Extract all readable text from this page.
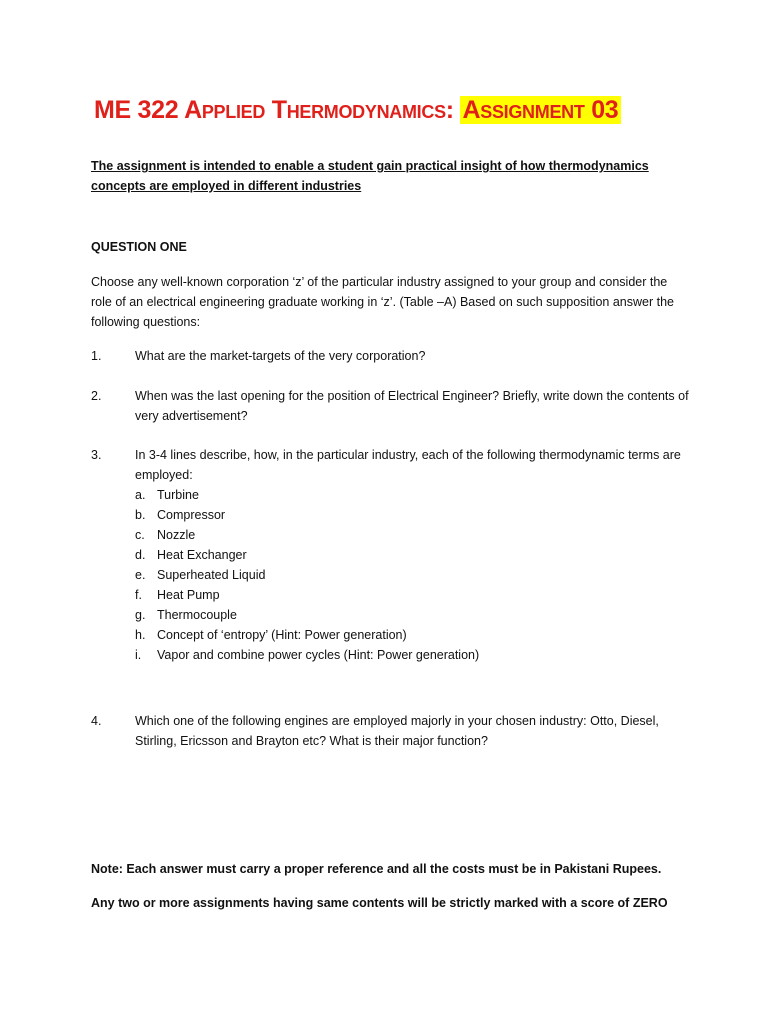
ME 322 APPLIED THERMODYNAMICS: ASSIGNMENT 03
The assignment is intended to enable a student gain practical insight of how thermodynamics concepts are employed in different industries
QUESTION ONE
Choose any well-known corporation ‘z’ of the particular industry assigned to your group and consider the role of an electrical engineering graduate working in ‘z’. (Table –A) Based on such supposition answer the following questions:
1.	What are the market-targets of the very corporation?
2.	When was the last opening for the position of Electrical Engineer? Briefly, write down the contents of very advertisement?
3.	In 3-4 lines describe, how, in the particular industry, each of the following thermodynamic terms are employed:
a. Turbine
b. Compressor
c. Nozzle
d. Heat Exchanger
e. Superheated Liquid
f. Heat Pump
g. Thermocouple
h. Concept of ‘entropy’ (Hint: Power generation)
i. Vapor and combine power cycles (Hint: Power generation)
4.	Which one of the following engines are employed majorly in your chosen industry: Otto, Diesel, Stirling, Ericsson and Brayton etc? What is their major function?
Note: Each answer must carry a proper reference and all the costs must be in Pakistani Rupees.
Any two or more assignments having same contents will be strictly marked with a score of ZERO
